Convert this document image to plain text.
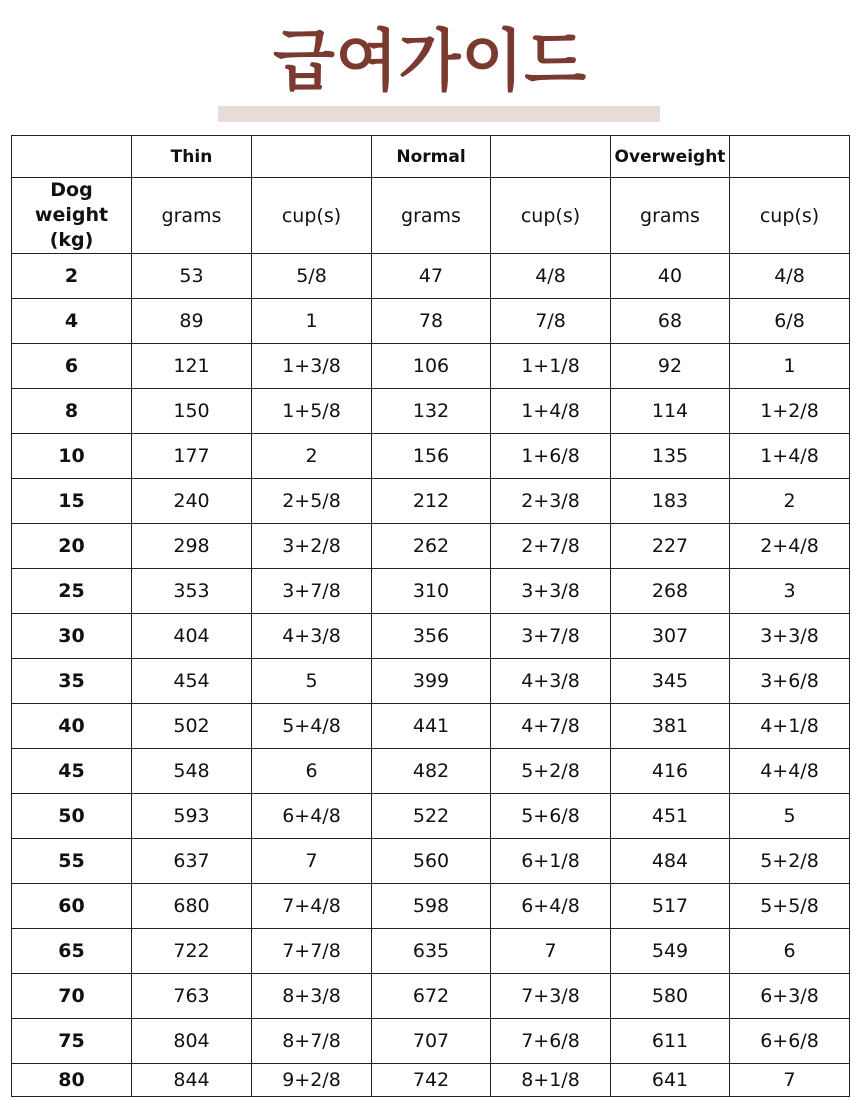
급여가이드
	Thin		Normal		Overweight	
Dog weight (kg)	grams	cup(s)	grams	cup(s)	grams	cup(s)
2	53	5/8	47	4/8	40	4/8
4	89	1	78	7/8	68	6/8
6	121	1+3/8	106	1+1/8	92	1
8	150	1+5/8	132	1+4/8	114	1+2/8
10	177	2	156	1+6/8	135	1+4/8
15	240	2+5/8	212	2+3/8	183	2
20	298	3+2/8	262	2+7/8	227	2+4/8
25	353	3+7/8	310	3+3/8	268	3
30	404	4+3/8	356	3+7/8	307	3+3/8
35	454	5	399	4+3/8	345	3+6/8
40	502	5+4/8	441	4+7/8	381	4+1/8
45	548	6	482	5+2/8	416	4+4/8
50	593	6+4/8	522	5+6/8	451	5
55	637	7	560	6+1/8	484	5+2/8
60	680	7+4/8	598	6+4/8	517	5+5/8
65	722	7+7/8	635	7	549	6
70	763	8+3/8	672	7+3/8	580	6+3/8
75	804	8+7/8	707	7+6/8	611	6+6/8
80	844	9+2/8	742	8+1/8	641	7
